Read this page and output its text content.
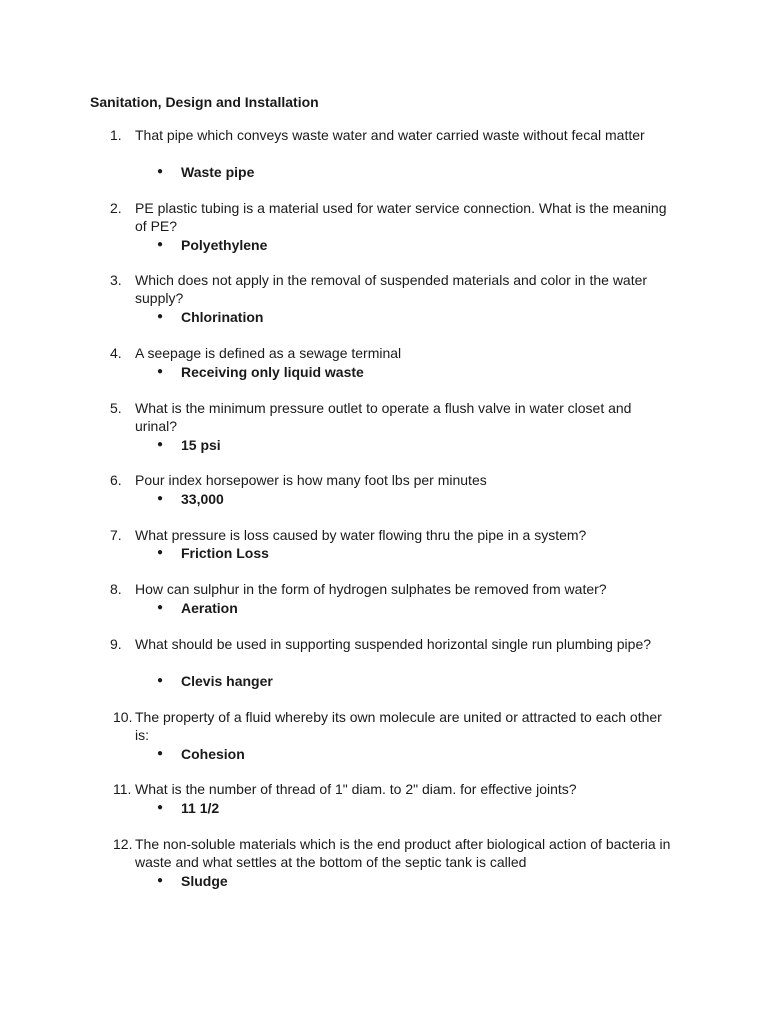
Sanitation, Design and Installation
1. That pipe which conveys waste water and water carried waste without fecal matter
● Waste pipe
2. PE plastic tubing is a material used for water service connection. What is the meaning of PE?
● Polyethylene
3. Which does not apply in the removal of suspended materials and color in the water supply?
● Chlorination
4. A seepage is defined as a sewage terminal
● Receiving only liquid waste
5. What is the minimum pressure outlet to operate a flush valve in water closet and urinal?
● 15 psi
6. Pour index horsepower is how many foot lbs per minutes
● 33,000
7. What pressure is loss caused by water flowing thru the pipe in a system?
● Friction Loss
8. How can sulphur in the form of hydrogen sulphates be removed from water?
● Aeration
9. What should be used in supporting suspended horizontal single run plumbing pipe?
● Clevis hanger
10. The property of a fluid whereby its own molecule are united or attracted to each other is:
● Cohesion
11. What is the number of thread of 1" diam. to 2" diam. for effective joints?
● 11 1/2
12. The non-soluble materials which is the end product after biological action of bacteria in waste and what settles at the bottom of the septic tank is called
● Sludge
